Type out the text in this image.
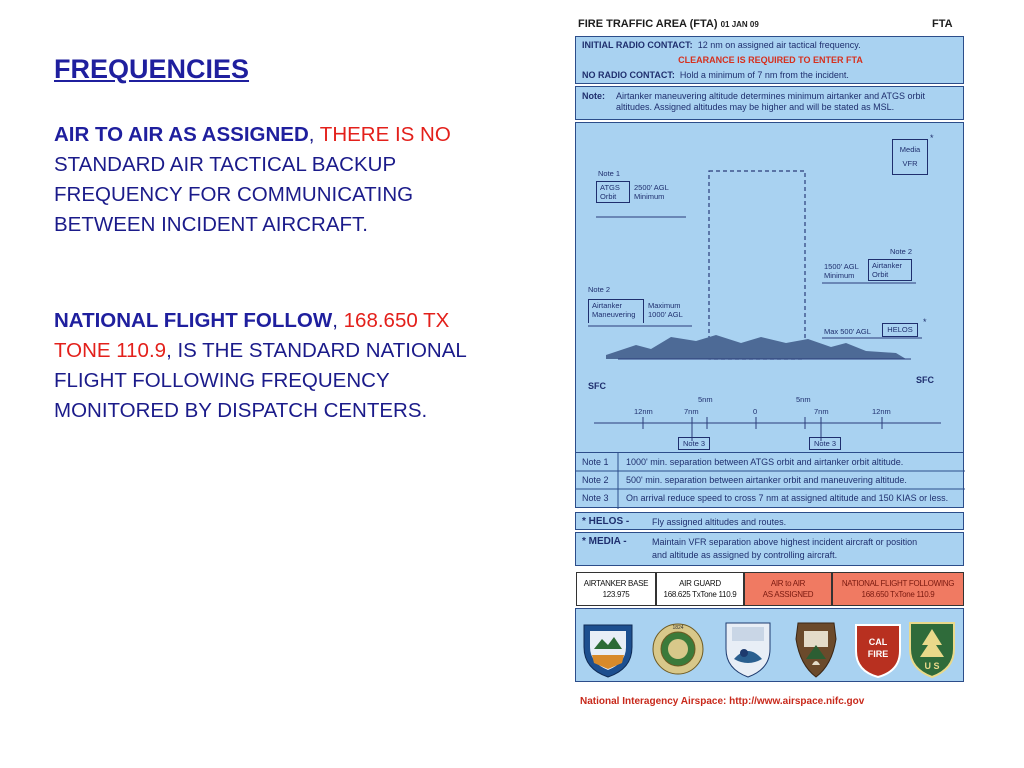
FREQUENCIES
AIR TO AIR AS ASSIGNED, THERE IS NO STANDARD AIR TACTICAL BACKUP FREQUENCY FOR COMMUNICATING BETWEEN INCIDENT AIRCRAFT.
NATIONAL FLIGHT FOLLOW, 168.650 TX TONE 110.9, IS THE STANDARD NATIONAL FLIGHT FOLLOWING FREQUENCY MONITORED BY DISPATCH CENTERS.
FIRE TRAFFIC AREA (FTA) 01 JAN 09	FTA
INITIAL RADIO CONTACT: 12 nm on assigned air tactical frequency.
CLEARANCE IS REQUIRED TO ENTER FTA
NO RADIO CONTACT: Hold a minimum of 7 nm from the incident.
Note: Airtanker maneuvering altitude determines minimum airtanker and ATGS orbit altitudes. Assigned altitudes may be higher and will be stated as MSL.
Media
VFR
*
Note 1
ATGS
Orbit
2500' AGL
Minimum
Note 2
1500' AGL
Minimum
Airtanker
Orbit
Note 2
Airtanker
Maneuvering
Maximum
1000' AGL
Max 500' AGL	HELOS
*
SFC
SFC
5nm	5nm
12nm	7nm	0	7nm	12nm
Note 3	Note 3
Note 1 1000' min. separation between ATGS orbit and airtanker orbit altitude.
Note 2 500' min. separation between airtanker orbit and maneuvering altitude.
Note 3 On arrival reduce speed to cross 7 nm at assigned altitude and 150 KIAS or less.
* HELOS -	Fly assigned altitudes and routes.
* MEDIA -	Maintain VFR separation above highest incident aircraft or position
and altitude as assigned by controlling aircraft.
AIRTANKER BASE
123.975
AIR GUARD
168.625 TxTone 110.9
AIR to AIR
AS ASSIGNED
NATIONAL FLIGHT FOLLOWING
168.650 TxTone 110.9
1824
CAL
FIRE
U S
National Interagency Airspace: http://www.airspace.nifc.gov
